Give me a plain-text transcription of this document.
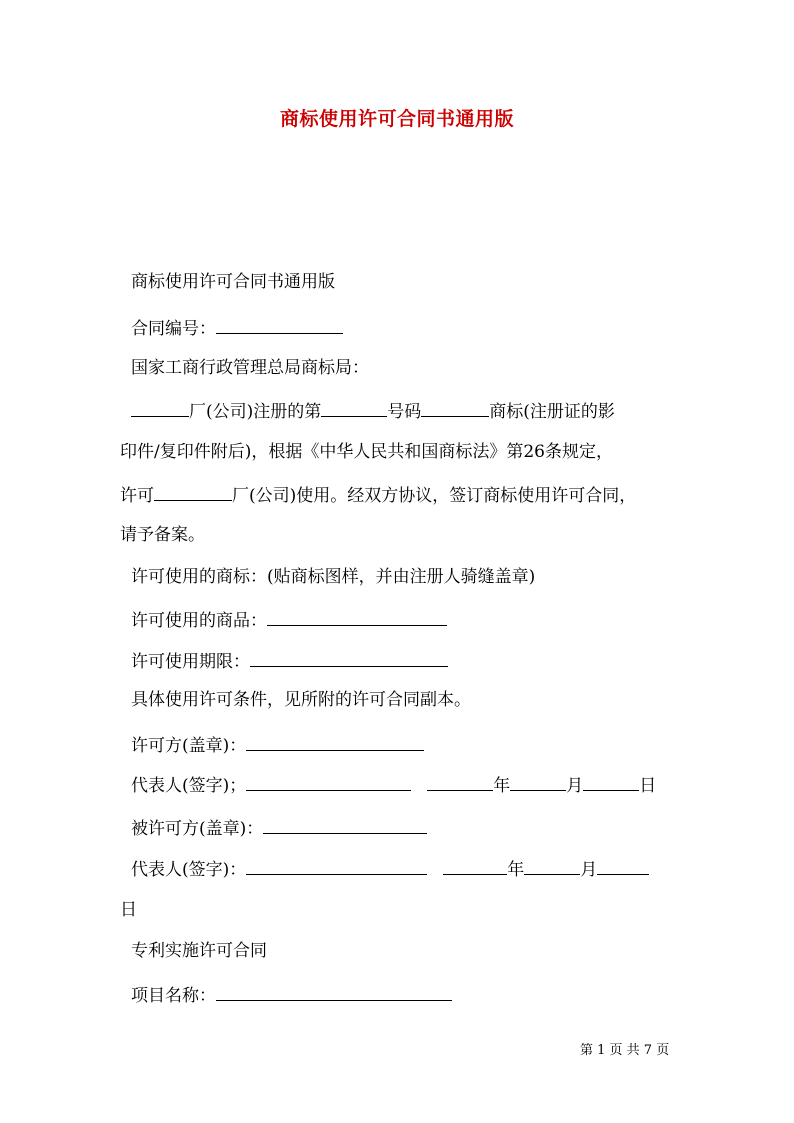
商标使用许可合同书通用版
商标使用许可合同书通用版
合同编号：
国家工商行政管理总局商标局：
厂(公司)注册的第	号码	商标(注册证的影
印件/复印件附后)，根据《中华人民共和国商标法》第26条规定，
许可	厂(公司)使用。经双方协议，签订商标使用许可合同，
请予备案。
许可使用的商标：(贴商标图样，并由注册人骑缝盖章)
许可使用的商品：
许可使用期限：
具体使用许可条件，见所附的许可合同副本。
许可方(盖章)：
代表人(签字)；	年	月	日
被许可方(盖章)：
代表人(签字)：	年	月
日
专利实施许可合同
项目名称：
第 1 页 共 7 页
